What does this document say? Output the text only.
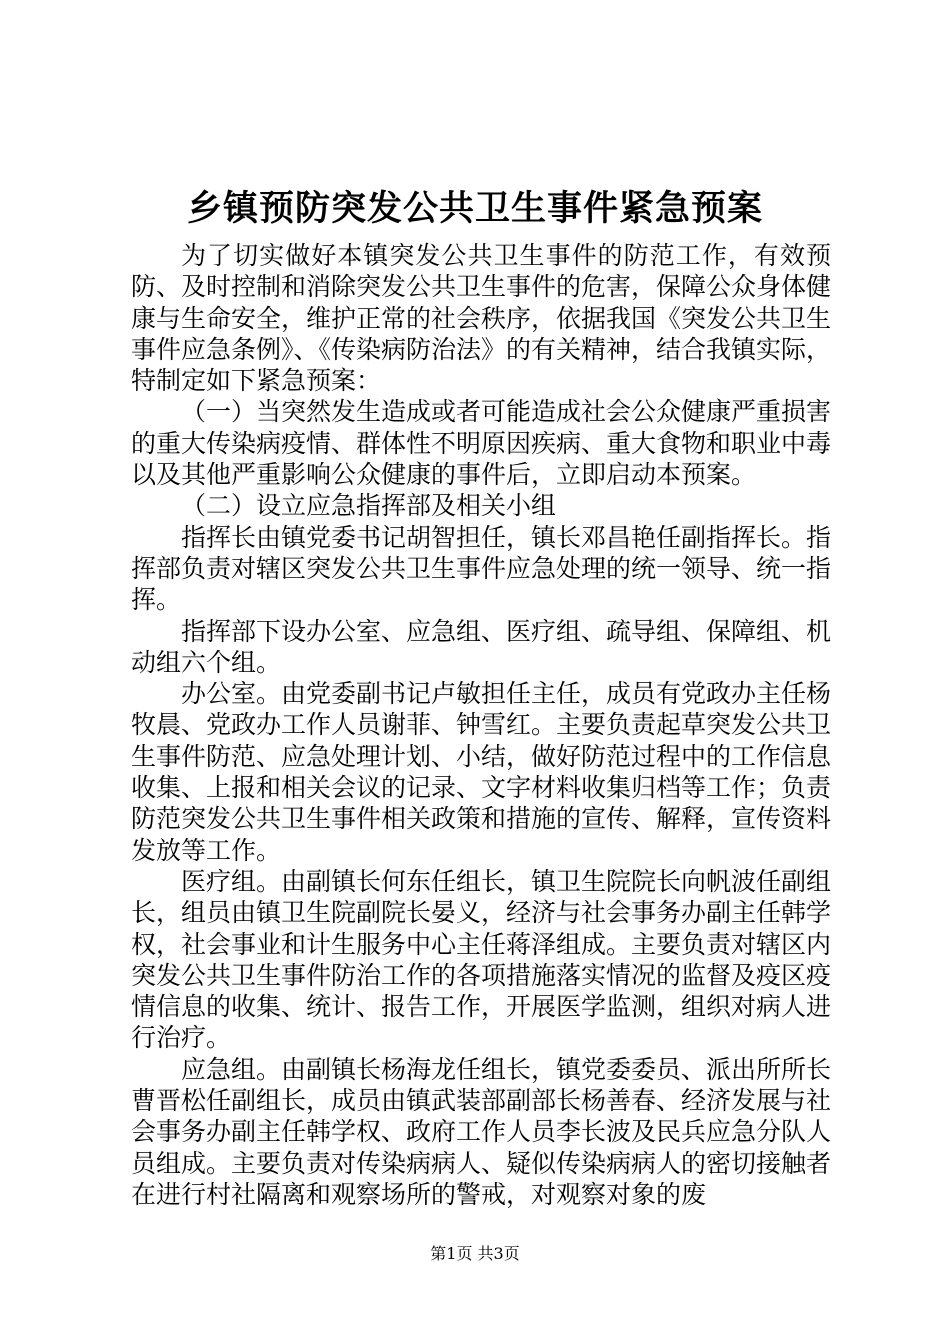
乡镇预防突发公共卫生事件紧急预案

为了切实做好本镇突发公共卫生事件的防范工作，有效预防、及时控制和消除突发公共卫生事件的危害，保障公众身体健康与生命安全，维护正常的社会秩序，依据我国《突发公共卫生事件应急条例》、《传染病防治法》的有关精神，结合我镇实际，特制定如下紧急预案：

（一）当突然发生造成或者可能造成社会公众健康严重损害的重大传染病疫情、群体性不明原因疾病、重大食物和职业中毒以及其他严重影响公众健康的事件后，立即启动本预案。

（二）设立应急指挥部及相关小组

指挥长由镇党委书记胡智担任，镇长邓昌艳任副指挥长。指挥部负责对辖区突发公共卫生事件应急处理的统一领导、统一指挥。

指挥部下设办公室、应急组、医疗组、疏导组、保障组、机动组六个组。

办公室。由党委副书记卢敏担任主任，成员有党政办主任杨牧晨、党政办工作人员谢菲、钟雪红。主要负责起草突发公共卫生事件防范、应急处理计划、小结，做好防范过程中的工作信息收集、上报和相关会议的记录、文字材料收集归档等工作；负责防范突发公共卫生事件相关政策和措施的宣传、解释，宣传资料发放等工作。

医疗组。由副镇长何东任组长，镇卫生院院长向帆波任副组长，组员由镇卫生院副院长晏义，经济与社会事务办副主任韩学权，社会事业和计生服务中心主任蒋泽组成。主要负责对辖区内突发公共卫生事件防治工作的各项措施落实情况的监督及疫区疫情信息的收集、统计、报告工作，开展医学监测，组织对病人进行治疗。

应急组。由副镇长杨海龙任组长，镇党委委员、派出所所长曹晋松任副组长，成员由镇武装部副部长杨善春、经济发展与社会事务办副主任韩学权、政府工作人员李长波及民兵应急分队人员组成。主要负责对传染病病人、疑似传染病病人的密切接触者在进行村社隔离和观察场所的警戒，对观察对象的废

第1页 共3页
